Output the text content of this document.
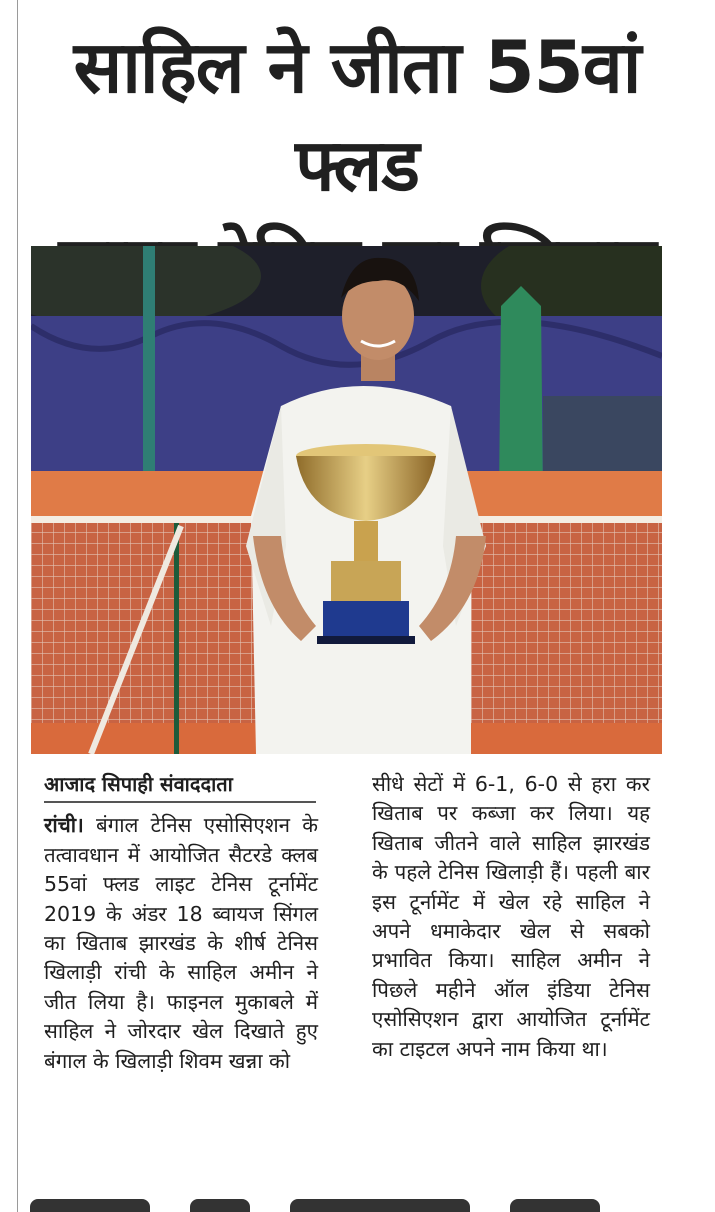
साहिल ने जीता 55वां फ्लड

आजाद सिपाही संवाददाता

रांची। बंगाल टेनिस एसोसिएशन के तत्वावधान में आयोजित सैटरडे क्लब 55वां फ्लड लाइट टेनिस टूर्नामेंट 2019 के अंडर 18 ब्वायज सिंगल का खिताब झारखंड के शीर्ष टेनिस खिलाड़ी रांची के साहिल अमीन ने जीत लिया है। फाइनल मुकाबले में साहिल ने जोरदार खेल दिखाते हुए बंगाल के खिलाड़ी शिवम खन्ना को

सीधे सेटों में 6-1, 6-0 से हरा कर खिताब पर कब्जा कर लिया। यह खिताब जीतने वाले साहिल झारखंड के पहले टेनिस खिलाड़ी हैं। पहली बार इस टूर्नामेंट में खेल रहे साहिल ने अपने धमाकेदार खेल से सबको प्रभावित किया। साहिल अमीन ने पिछले महीने ऑल इंडिया टेनिस एसोसिएशन द्वारा आयोजित टूर्नामेंट का टाइटल अपने नाम किया था।
